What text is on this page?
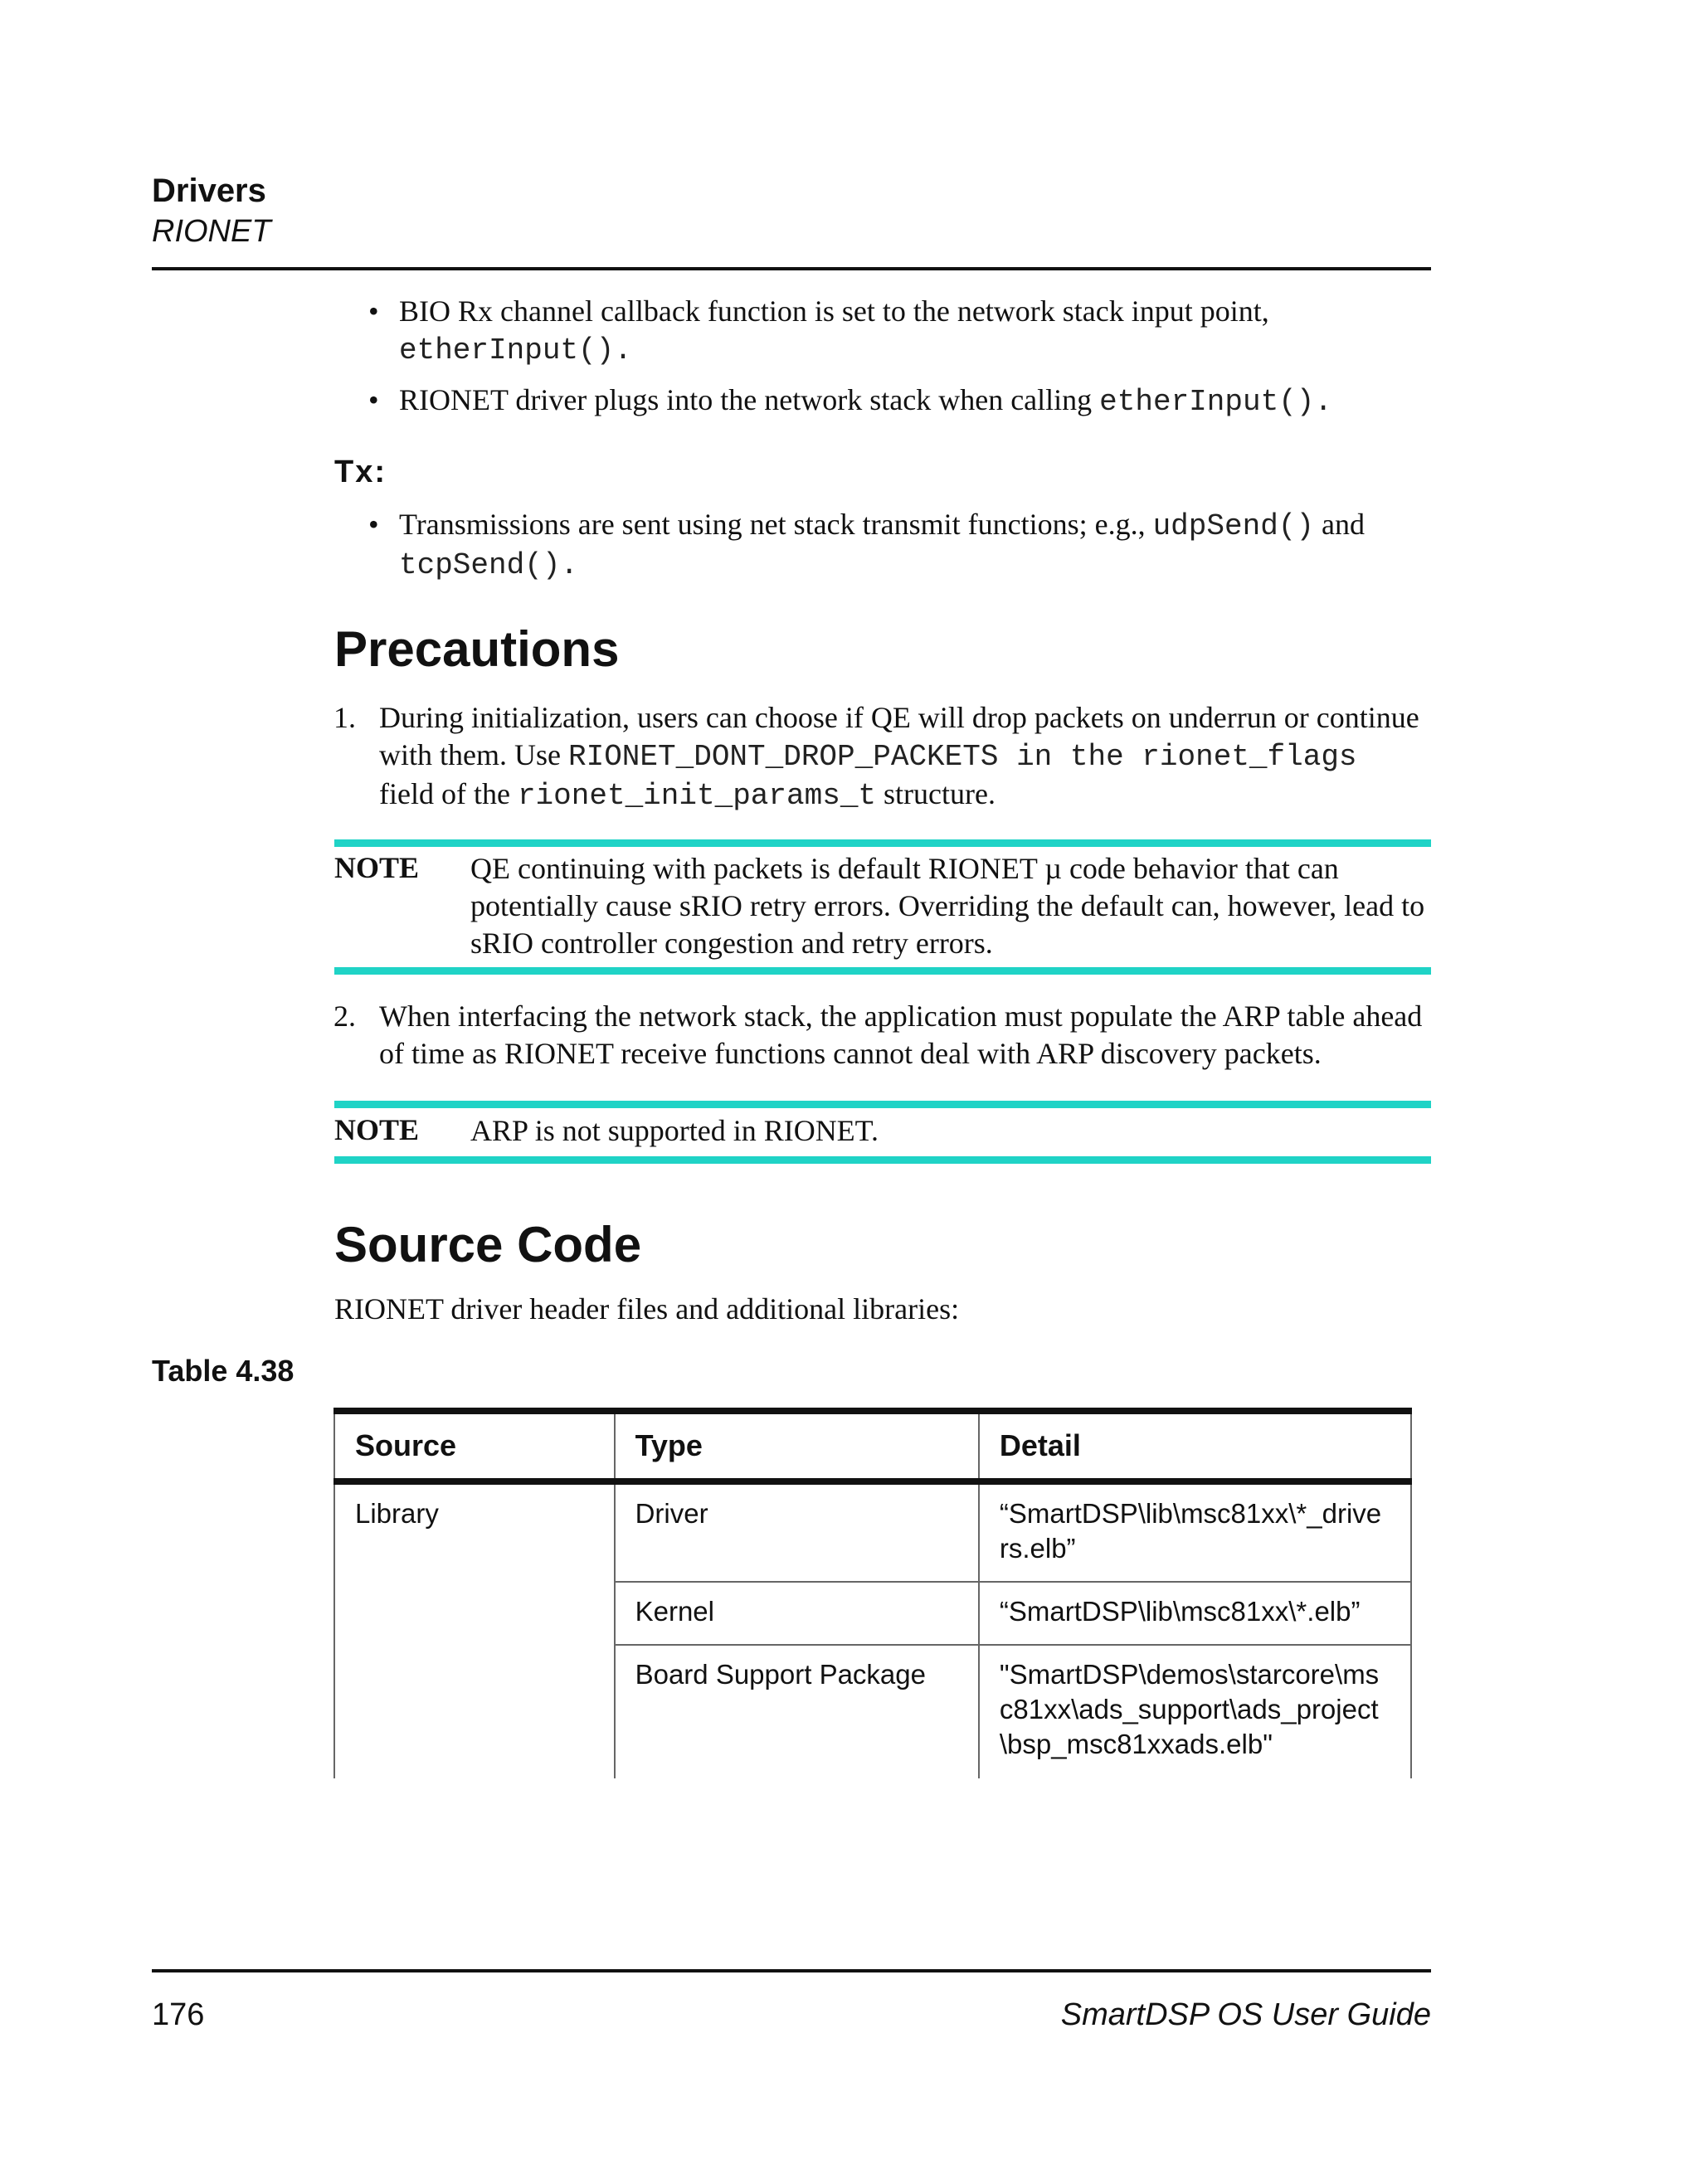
Drivers
RIONET
• BIO Rx channel callback function is set to the network stack input point, etherInput().
• RIONET driver plugs into the network stack when calling etherInput().
Tx:
• Transmissions are sent using net stack transmit functions; e.g., udpSend() and
tcpSend().
Precautions
1. During initialization, users can choose if QE will drop packets on underrun or continue with them. Use RIONET_DONT_DROP_PACKETS in the rionet_flags
field of the rionet_init_params_t structure.
NOTE QE continuing with packets is default RIONET µ code behavior that can potentially cause sRIO retry errors. Overriding the default can, however, lead to sRIO controller congestion and retry errors.
2. When interfacing the network stack, the application must populate the ARP table ahead of time as RIONET receive functions cannot deal with ARP discovery packets.
NOTE ARP is not supported in RIONET.
Source Code
RIONET driver header files and additional libraries:
Table 4.38
Source	Type	Detail
Library	Driver	“SmartDSP\lib\msc81xx\*_drivers.elb”
	Kernel	“SmartDSP\lib\msc81xx\*.elb”
	Board Support Package	"SmartDSP\demos\starcore\msc81xx\ads_support\ads_project\bsp_msc81xxads.elb"
176	SmartDSP OS User Guide
